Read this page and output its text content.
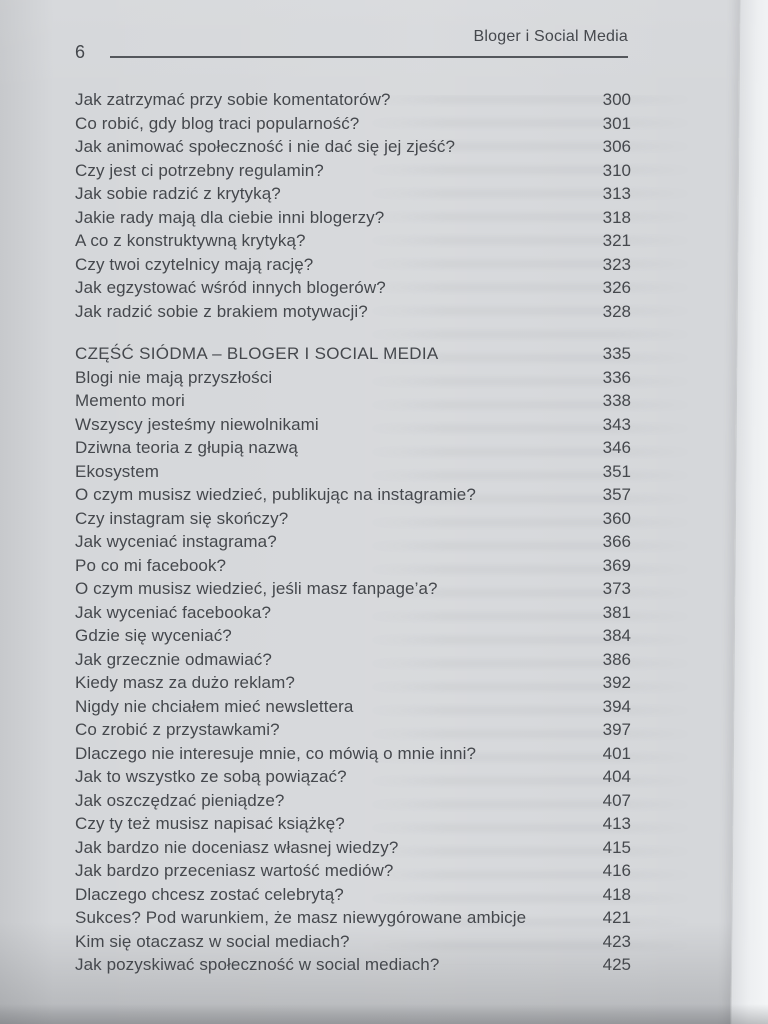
6
Bloger i Social Media
Jak zatrzymać przy sobie komentatorów?	300
Co robić, gdy blog traci popularność?	301
Jak animować społeczność i nie dać się jej zjeść?	306
Czy jest ci potrzebny regulamin?	310
Jak sobie radzić z krytyką?	313
Jakie rady mają dla ciebie inni blogerzy?	318
A co z konstruktywną krytyką?	321
Czy twoi czytelnicy mają rację?	323
Jak egzystować wśród innych blogerów?	326
Jak radzić sobie z brakiem motywacji?	328
CZĘŚĆ SIÓDMA – BLOGER I SOCIAL MEDIA	335
Blogi nie mają przyszłości	336
Memento mori	338
Wszyscy jesteśmy niewolnikami	343
Dziwna teoria z głupią nazwą	346
Ekosystem	351
O czym musisz wiedzieć, publikując na instagramie?	357
Czy instagram się skończy?	360
Jak wyceniać instagrama?	366
Po co mi facebook?	369
O czym musisz wiedzieć, jeśli masz fanpage’a?	373
Jak wyceniać facebooka?	381
Gdzie się wyceniać?	384
Jak grzecznie odmawiać?	386
Kiedy masz za dużo reklam?	392
Nigdy nie chciałem mieć newslettera	394
Co zrobić z przystawkami?	397
Dlaczego nie interesuje mnie, co mówią o mnie inni?	401
Jak to wszystko ze sobą powiązać?	404
Jak oszczędzać pieniądze?	407
Czy ty też musisz napisać książkę?	413
Jak bardzo nie doceniasz własnej wiedzy?	415
Jak bardzo przeceniasz wartość mediów?	416
Dlaczego chcesz zostać celebrytą?	418
Sukces? Pod warunkiem, że masz niewygórowane ambicje	421
Kim się otaczasz w social mediach?	423
Jak pozyskiwać społeczność w social mediach?	425
